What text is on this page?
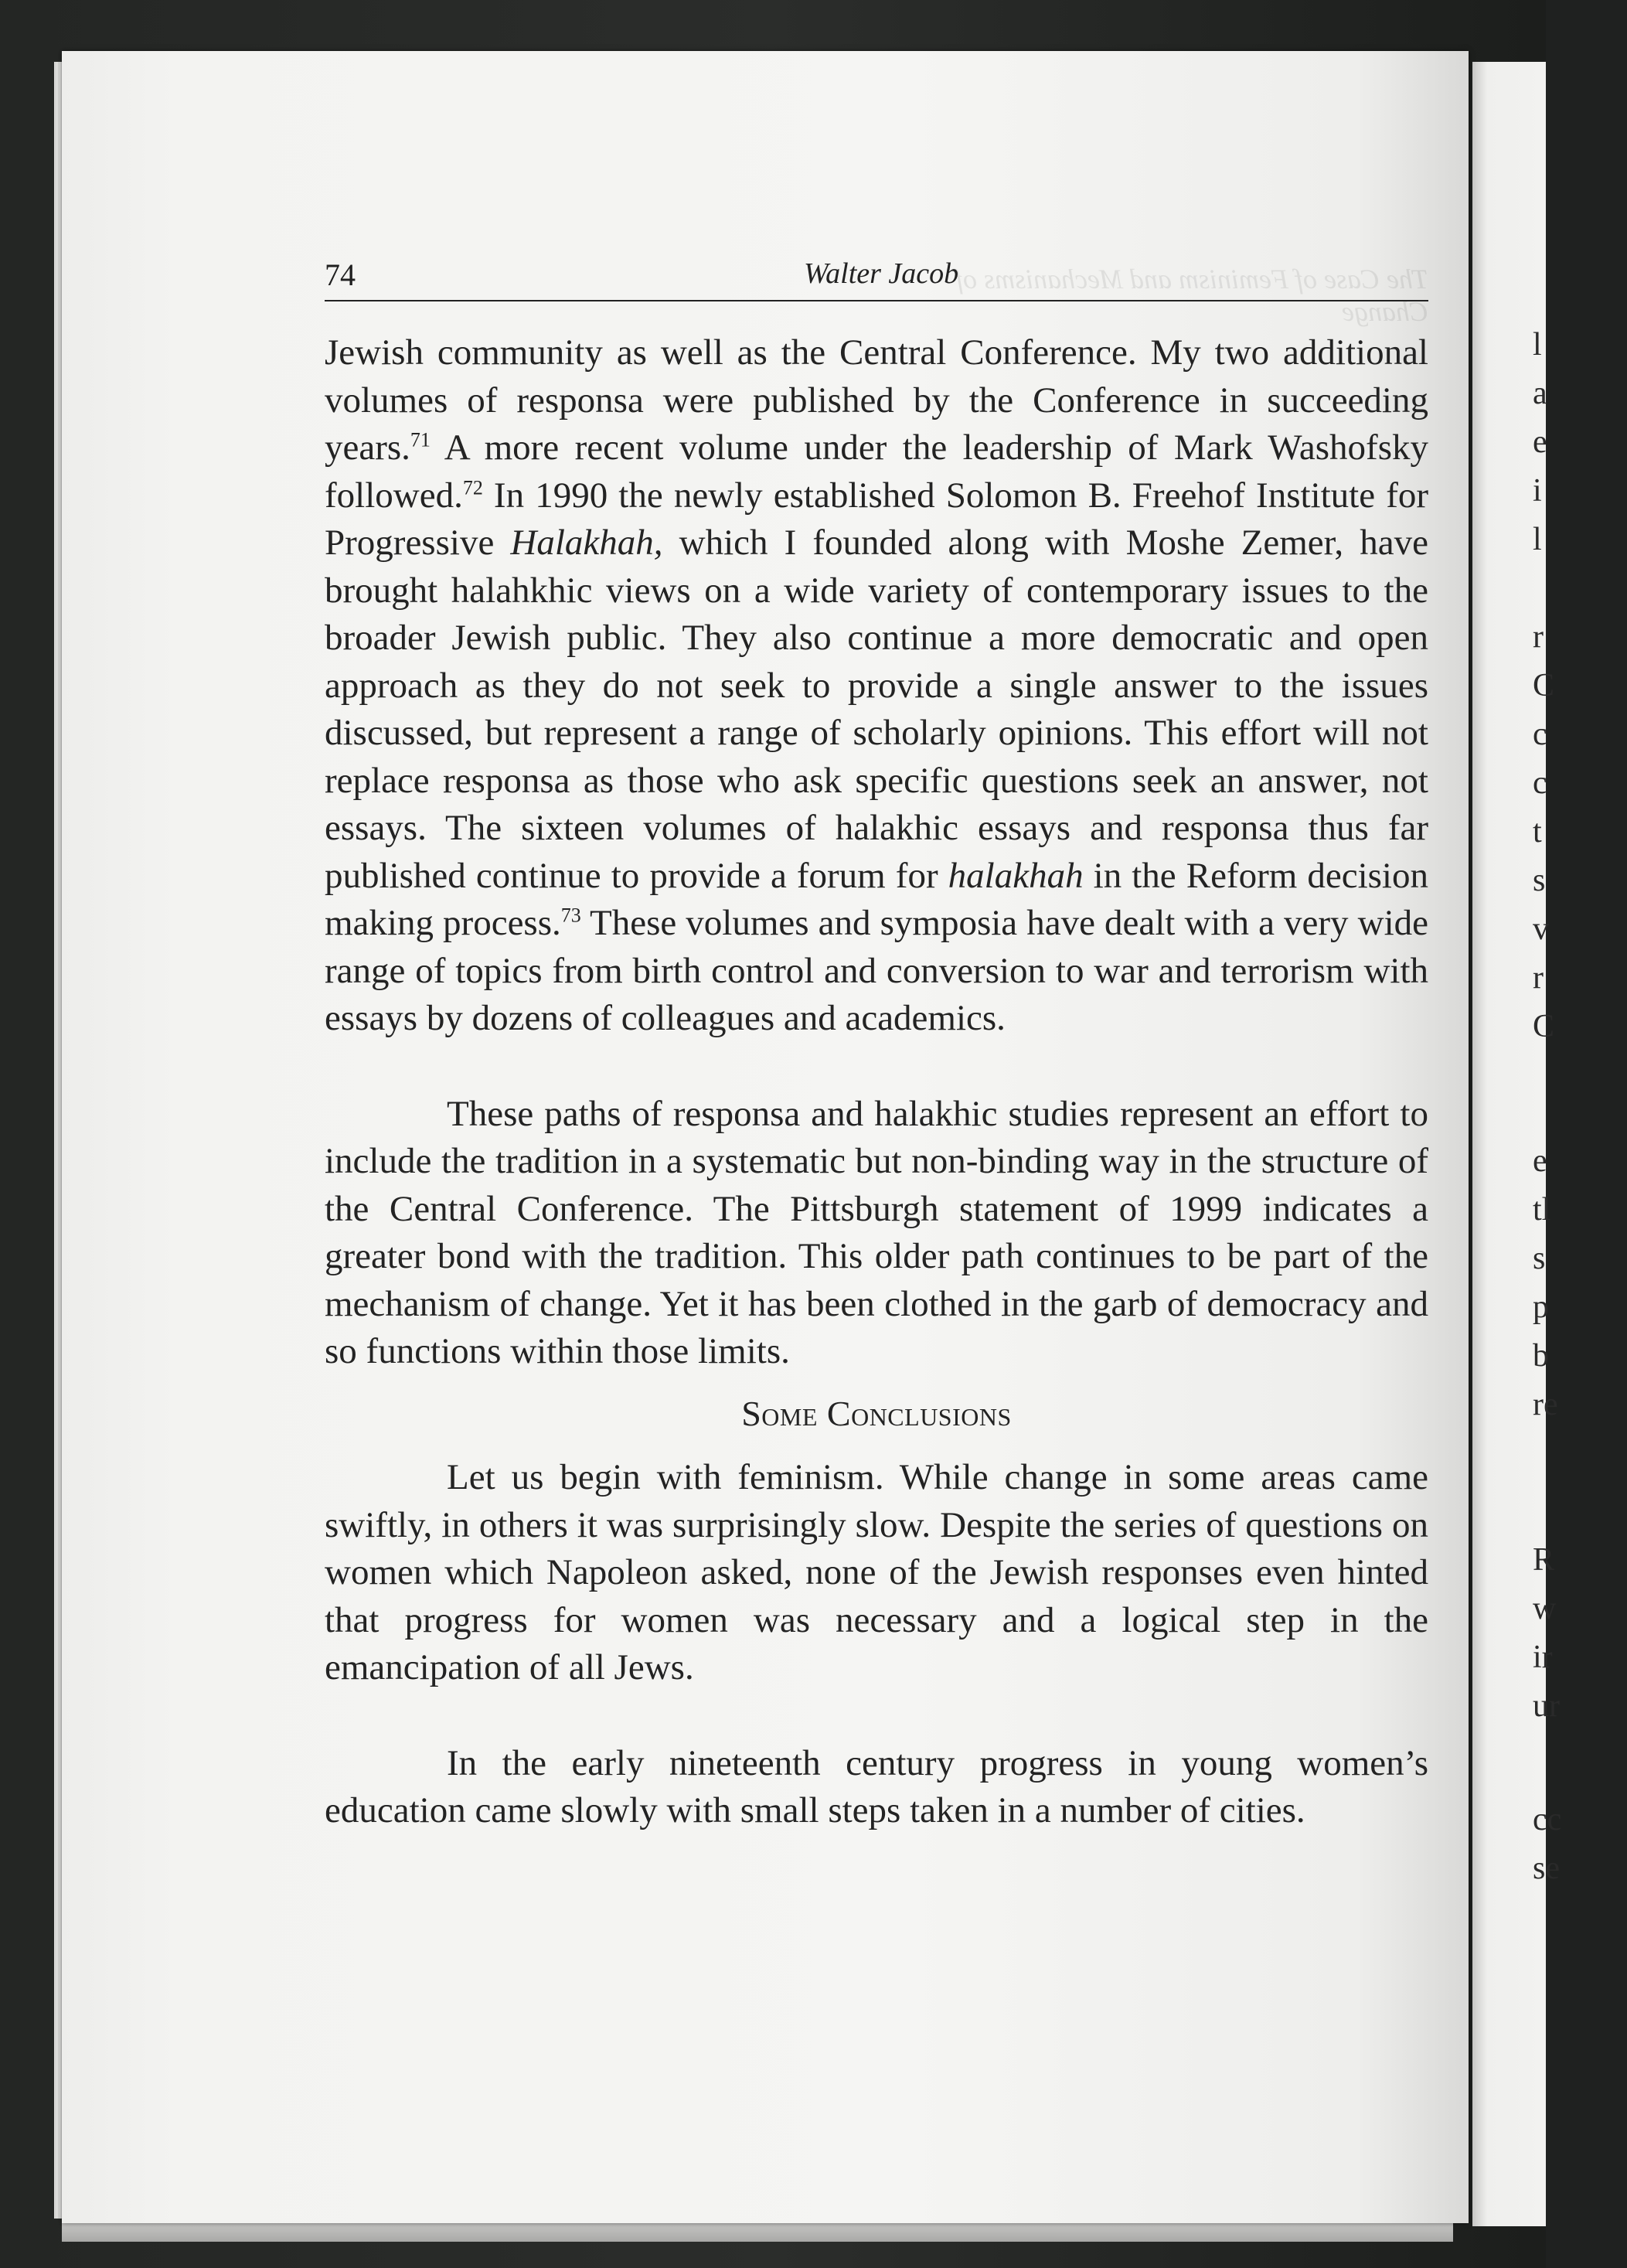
l
a
e
i
l
r
C
c
c
t
s
v
r
C
e
tl
s
p
b
re
R
w
ir
ur
cc
se
74	The Case of Feminism and Mechanisms of Change
Walter Jacob

Jewish community as well as the Central Conference. My two additional volumes of responsa were published by the Conference in succeeding years.$^{71}$ A more recent volume under the leadership of Mark Washofsky followed.$^{72}$ In 1990 the newly established Solomon B. Freehof Institute for Progressive Halakhah, which I founded along with Moshe Zemer, have brought halahkhic views on a wide variety of contemporary issues to the broader Jewish public. They also continue a more democratic and open approach as they do not seek to provide a single answer to the issues discussed, but represent a range of scholarly opinions. This effort will not replace responsa as those who ask specific questions seek an answer, not essays. The sixteen volumes of halakhic essays and responsa thus far published continue to provide a forum for halakhah in the Reform decision making process.$^{73}$ These volumes and symposia have dealt with a very wide range of topics from birth control and conversion to war and terrorism with essays by dozens of colleagues and academics.

These paths of responsa and halakhic studies represent an effort to include the tradition in a systematic but non-binding way in the structure of the Central Conference. The Pittsburgh statement of 1999 indicates a greater bond with the tradition. This older path continues to be part of the mechanism of change. Yet it has been clothed in the garb of democracy and so functions within those limits.

Some Conclusions

Let us begin with feminism. While change in some areas came swiftly, in others it was surprisingly slow. Despite the series of questions on women which Napoleon asked, none of the Jewish responses even hinted that progress for women was necessary and a logical step in the emancipation of all Jews.

In the early nineteenth century progress in young women’s education came slowly with small steps taken in a number of cities.
